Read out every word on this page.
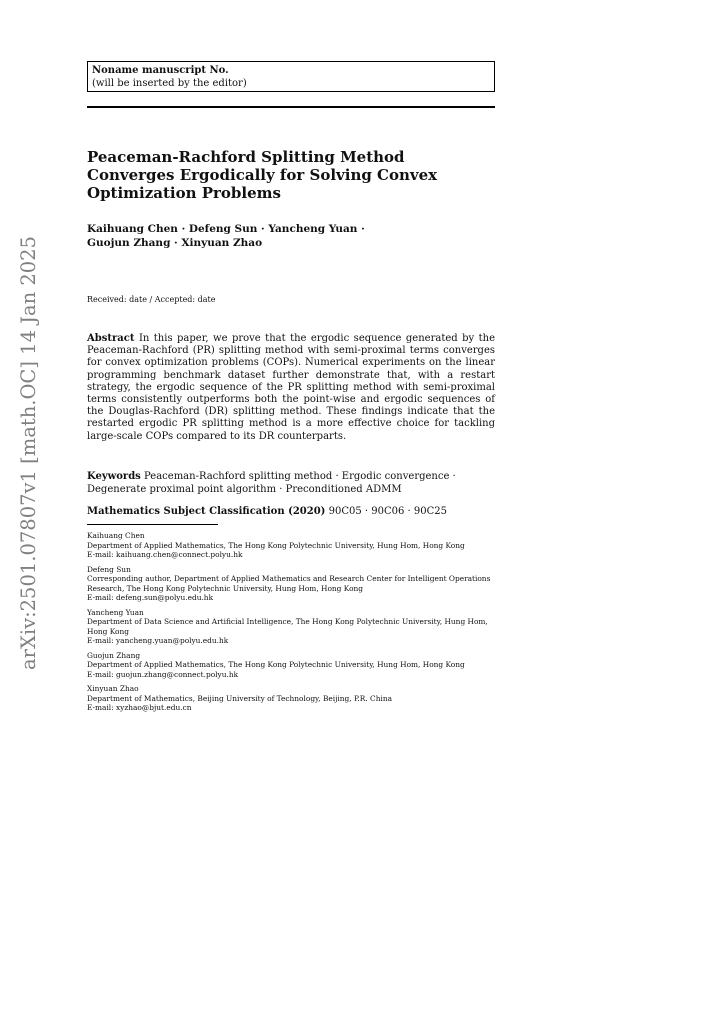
Noname manuscript No.
(will be inserted by the editor)
Peaceman-Rachford Splitting Method Converges Ergodically for Solving Convex Optimization Problems
Kaihuang Chen · Defeng Sun · Yancheng Yuan · Guojun Zhang · Xinyuan Zhao
Received: date / Accepted: date
Abstract In this paper, we prove that the ergodic sequence generated by the Peaceman-Rachford (PR) splitting method with semi-proximal terms converges for convex optimization problems (COPs). Numerical experiments on the linear programming benchmark dataset further demonstrate that, with a restart strategy, the ergodic sequence of the PR splitting method with semi-proximal terms consistently outperforms both the point-wise and ergodic sequences of the Douglas-Rachford (DR) splitting method. These findings indicate that the restarted ergodic PR splitting method is a more effective choice for tackling large-scale COPs compared to its DR counterparts.
Keywords Peaceman-Rachford splitting method · Ergodic convergence · Degenerate proximal point algorithm · Preconditioned ADMM
Mathematics Subject Classification (2020) 90C05 · 90C06 · 90C25
Kaihuang Chen
Department of Applied Mathematics, The Hong Kong Polytechnic University, Hung Hom, Hong Kong
E-mail: kaihuang.chen@connect.polyu.hk
Defeng Sun
Corresponding author, Department of Applied Mathematics and Research Center for Intelligent Operations Research, The Hong Kong Polytechnic University, Hung Hom, Hong Kong
E-mail: defeng.sun@polyu.edu.hk
Yancheng Yuan
Department of Data Science and Artificial Intelligence, The Hong Kong Polytechnic University, Hung Hom, Hong Kong
E-mail: yancheng.yuan@polyu.edu.hk
Guojun Zhang
Department of Applied Mathematics, The Hong Kong Polytechnic University, Hung Hom, Hong Kong
E-mail: guojun.zhang@connect.polyu.hk
Xinyuan Zhao
Department of Mathematics, Beijing University of Technology, Beijing, P.R. China
E-mail: xyzhao@bjut.edu.cn
arXiv:2501.07807v1 [math.OC] 14 Jan 2025
